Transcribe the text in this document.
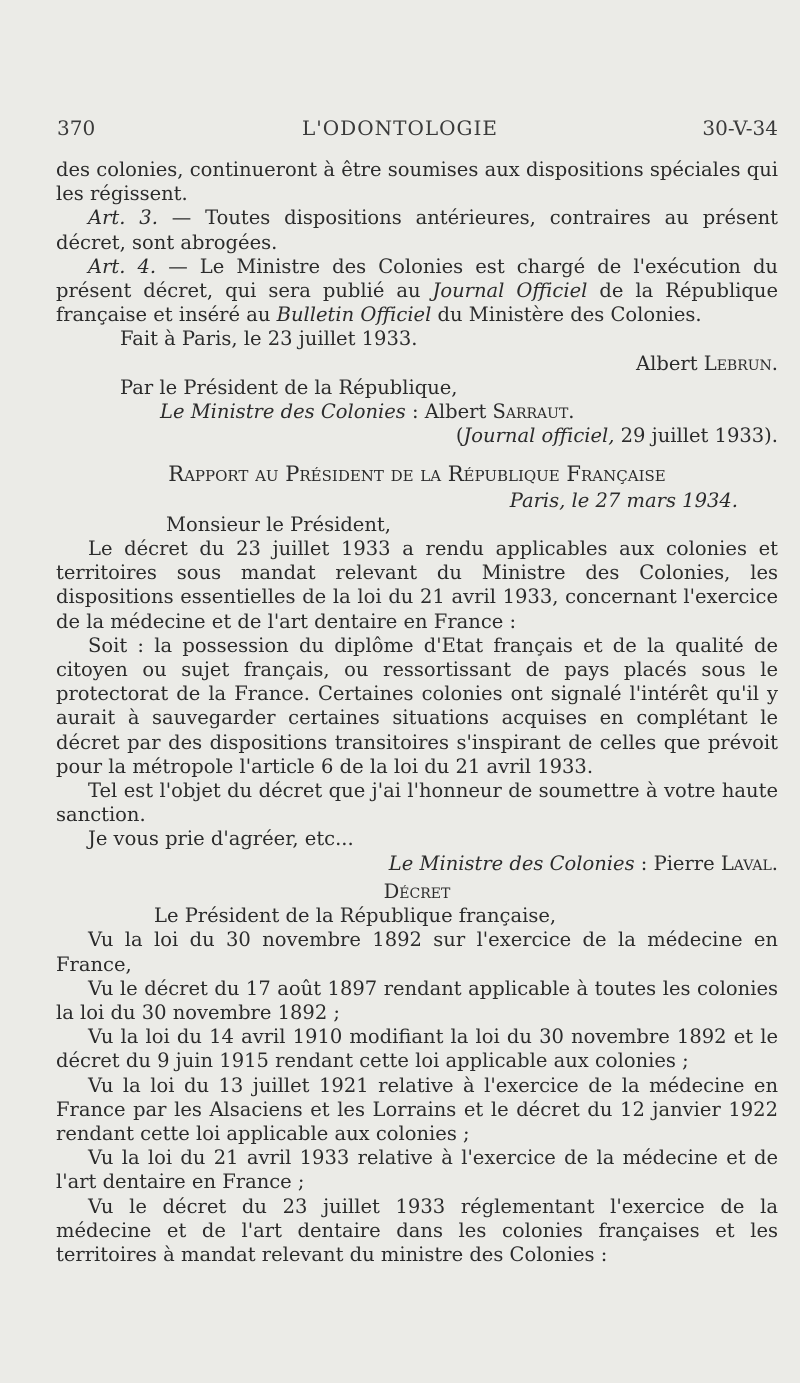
370	L'ODONTOLOGIE	30-V-34

des colonies, continueront à être soumises aux dispositions spéciales qui les régissent.

Art. 3. — Toutes dispositions antérieures, contraires au présent décret, sont abrogées.

Art. 4. — Le Ministre des Colonies est chargé de l'exécution du présent décret, qui sera publié au Journal Officiel de la République française et inséré au Bulletin Officiel du Ministère des Colonies.

Fait à Paris, le 23 juillet 1933.

Albert Lebrun.

Par le Président de la République,

Le Ministre des Colonies : Albert Sarraut.

(Journal officiel, 29 juillet 1933).

Rapport au Président de la République Française

Paris, le 27 mars 1934.

Monsieur le Président,

Le décret du 23 juillet 1933 a rendu applicables aux colonies et territoires sous mandat relevant du Ministre des Colonies, les dispositions essentielles de la loi du 21 avril 1933, concernant l'exercice de la médecine et de l'art dentaire en France :

Soit : la possession du diplôme d'Etat français et de la qualité de citoyen ou sujet français, ou ressortissant de pays placés sous le protectorat de la France. Certaines colonies ont signalé l'intérêt qu'il y aurait à sauvegarder certaines situations acquises en complétant le décret par des dispositions transitoires s'inspirant de celles que prévoit pour la métropole l'article 6 de la loi du 21 avril 1933.

Tel est l'objet du décret que j'ai l'honneur de soumettre à votre haute sanction.

Je vous prie d'agréer, etc...

Le Ministre des Colonies : Pierre Laval.

Décret

Le Président de la République française,

Vu la loi du 30 novembre 1892 sur l'exercice de la médecine en France,

Vu le décret du 17 août 1897 rendant applicable à toutes les colonies la loi du 30 novembre 1892 ;

Vu la loi du 14 avril 1910 modifiant la loi du 30 novembre 1892 et le décret du 9 juin 1915 rendant cette loi applicable aux colonies ;

Vu la loi du 13 juillet 1921 relative à l'exercice de la médecine en France par les Alsaciens et les Lorrains et le décret du 12 janvier 1922 rendant cette loi applicable aux colonies ;

Vu la loi du 21 avril 1933 relative à l'exercice de la médecine et de l'art dentaire en France ;

Vu le décret du 23 juillet 1933 réglementant l'exercice de la médecine et de l'art dentaire dans les colonies françaises et les territoires à mandat relevant du ministre des Colonies :
